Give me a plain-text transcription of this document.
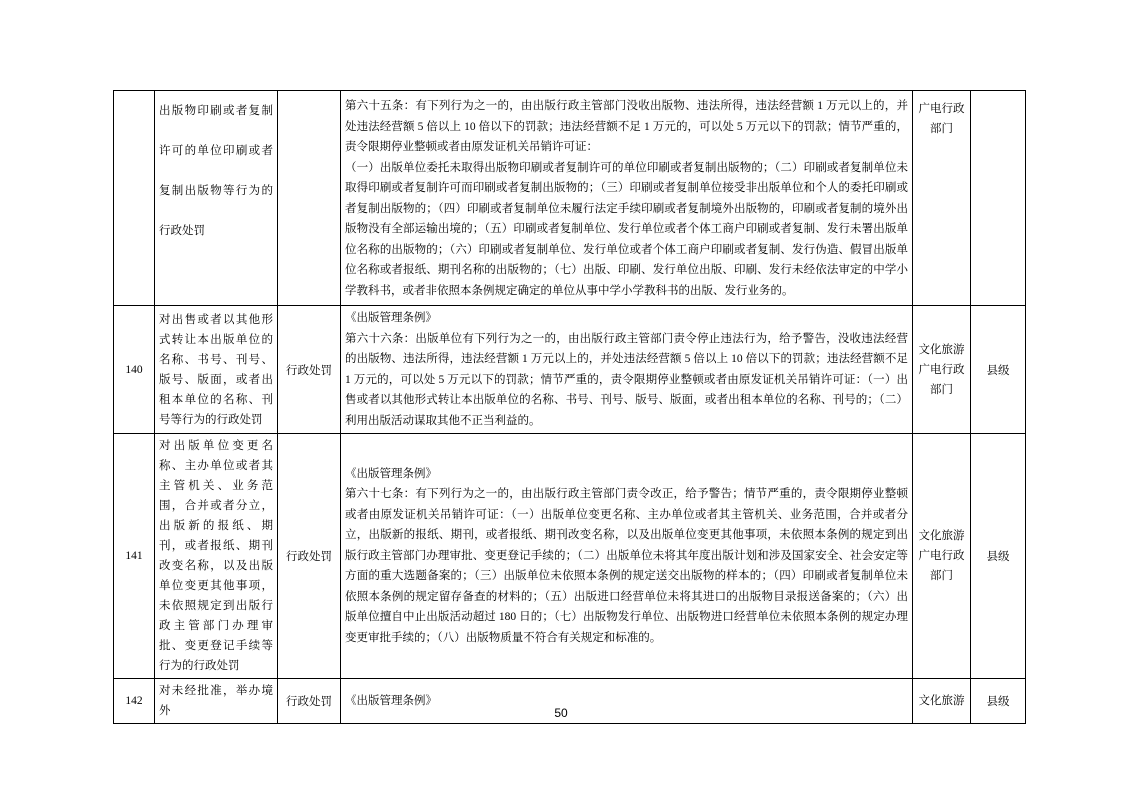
	出版物印刷或者复制许可的单位印刷或者复制出版物等行为的行政处罚		第六十五条：有下列行为之一的，由出版行政主管部门没收出版物、违法所得，违法经营额 1 万元以上的，并处违法经营额 5 倍以上 10 倍以下的罚款；违法经营额不足 1 万元的，可以处 5 万元以下的罚款；情节严重的，责令限期停业整顿或者由原发证机关吊销许可证：
（一）出版单位委托未取得出版物印刷或者复制许可的单位印刷或者复制出版物的；（二）印刷或者复制单位未取得印刷或者复制许可而印刷或者复制出版物的；（三）印刷或者复制单位接受非出版单位和个人的委托印刷或者复制出版物的；（四）印刷或者复制单位未履行法定手续印刷或者复制境外出版物的，印刷或者复制的境外出版物没有全部运输出境的；（五）印刷或者复制单位、发行单位或者个体工商户印刷或者复制、发行未署出版单位名称的出版物的；（六）印刷或者复制单位、发行单位或者个体工商户印刷或者复制、发行伪造、假冒出版单位名称或者报纸、期刊名称的出版物的；（七）出版、印刷、发行单位出版、印刷、发行未经依法审定的中学小学教科书，或者非依照本条例规定确定的单位从事中学小学教科书的出版、发行业务的。	广电行政部门	
140	对出售或者以其他形式转让本出版单位的名称、书号、刊号、版号、版面，或者出租本单位的名称、刊号等行为的行政处罚	行政处罚	《出版管理条例》
第六十六条：出版单位有下列行为之一的，由出版行政主管部门责令停止违法行为，给予警告，没收违法经营的出版物、违法所得，违法经营额 1 万元以上的，并处违法经营额 5 倍以上 10 倍以下的罚款；违法经营额不足 1 万元的，可以处 5 万元以下的罚款；情节严重的，责令限期停业整顿或者由原发证机关吊销许可证：（一）出售或者以其他形式转让本出版单位的名称、书号、刊号、版号、版面，或者出租本单位的名称、刊号的；（二）利用出版活动谋取其他不正当利益的。	文化旅游广电行政部门	县级
141	对出版单位变更名称、主办单位或者其主管机关、业务范围，合并或者分立，出版新的报纸、期刊，或者报纸、期刊改变名称，以及出版单位变更其他事项，未依照规定到出版行政主管部门办理审批、变更登记手续等行为的行政处罚	行政处罚	《出版管理条例》
第六十七条：有下列行为之一的，由出版行政主管部门责令改正，给予警告；情节严重的，责令限期停业整顿或者由原发证机关吊销许可证：（一）出版单位变更名称、主办单位或者其主管机关、业务范围，合并或者分立，出版新的报纸、期刊，或者报纸、期刊改变名称，以及出版单位变更其他事项，未依照本条例的规定到出版行政主管部门办理审批、变更登记手续的；（二）出版单位未将其年度出版计划和涉及国家安全、社会安定等方面的重大选题备案的；（三）出版单位未依照本条例的规定送交出版物的样本的；（四）印刷或者复制单位未依照本条例的规定留存备查的材料的；（五）出版进口经营单位未将其进口的出版物目录报送备案的；（六）出版单位擅自中止出版活动超过 180 日的；（七）出版物发行单位、出版物进口经营单位未依照本条例的规定办理变更审批手续的；（八）出版物质量不符合有关规定和标准的。	文化旅游广电行政部门	县级
142	对未经批准，举办境外	行政处罚	《出版管理条例》	文化旅游	县级
50
